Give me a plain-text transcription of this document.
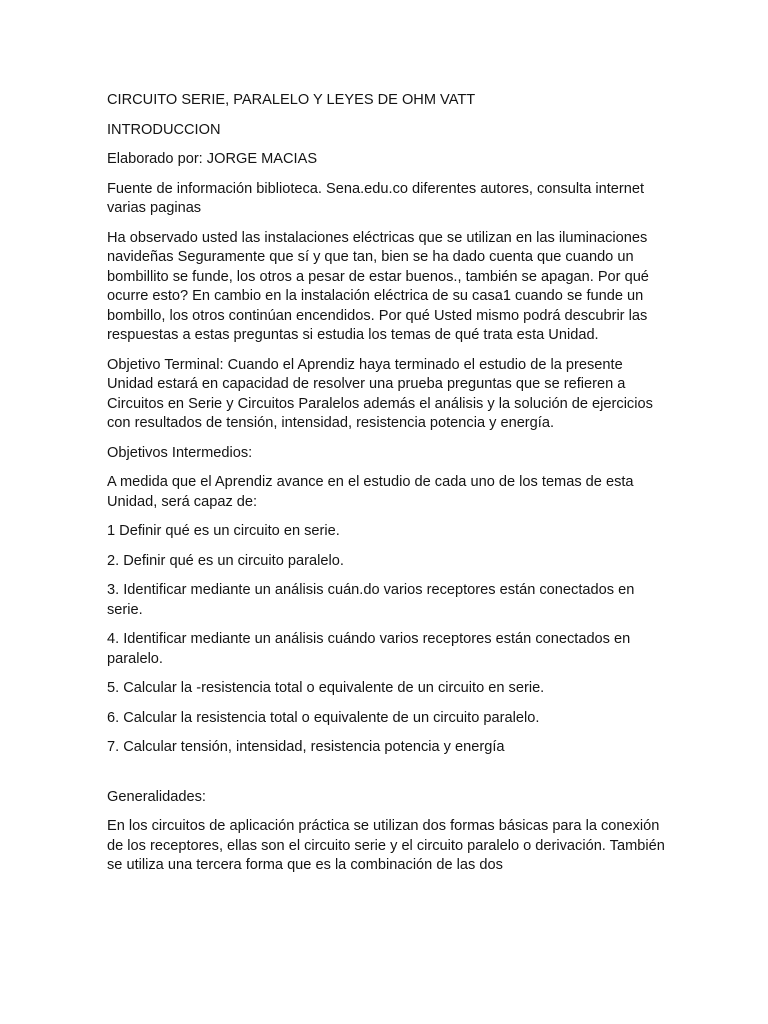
CIRCUITO SERIE, PARALELO Y LEYES DE OHM VATT

INTRODUCCION

Elaborado por: JORGE MACIAS

Fuente de información biblioteca. Sena.edu.co diferentes autores, consulta internet varias paginas

Ha observado usted las instalaciones eléctricas que se utilizan en las iluminaciones navideñas Seguramente que sí y que tan, bien se ha dado cuenta que cuando un bombillito se funde, los otros a pesar de estar buenos., también se apagan. Por qué ocurre esto? En cambio en la instalación eléctrica de su casa1 cuando se funde un bombillo, los otros continúan encendidos. Por qué Usted mismo podrá descubrir las respuestas a estas preguntas si estudia los temas de qué trata esta Unidad.

Objetivo Terminal: Cuando el Aprendiz haya terminado el estudio de la presente Unidad estará en capacidad de resolver una prueba preguntas que se refieren a Circuitos en Serie y Circuitos Paralelos además el análisis y la solución de ejercicios con resultados de tensión, intensidad, resistencia potencia y energía.

Objetivos Intermedios:

A medida que el Aprendiz avance en el estudio de cada uno de los temas de esta Unidad, será capaz de:

1 Definir qué es un circuito en serie.

2. Definir qué es un circuito paralelo.

3. Identificar mediante un análisis cuán.do varios receptores están conectados en serie.

4. Identificar mediante un análisis cuándo varios receptores están conectados en paralelo.

5. Calcular la -resistencia total o equivalente de un circuito en serie.

6. Calcular la resistencia total o equivalente de un circuito paralelo.

7. Calcular tensión, intensidad, resistencia potencia y energía

Generalidades:

En los circuitos de aplicación práctica se utilizan dos formas básicas para la conexión de los receptores, ellas son el circuito serie y el circuito paralelo o derivación. También se utiliza una tercera forma que es la combinación de las dos
